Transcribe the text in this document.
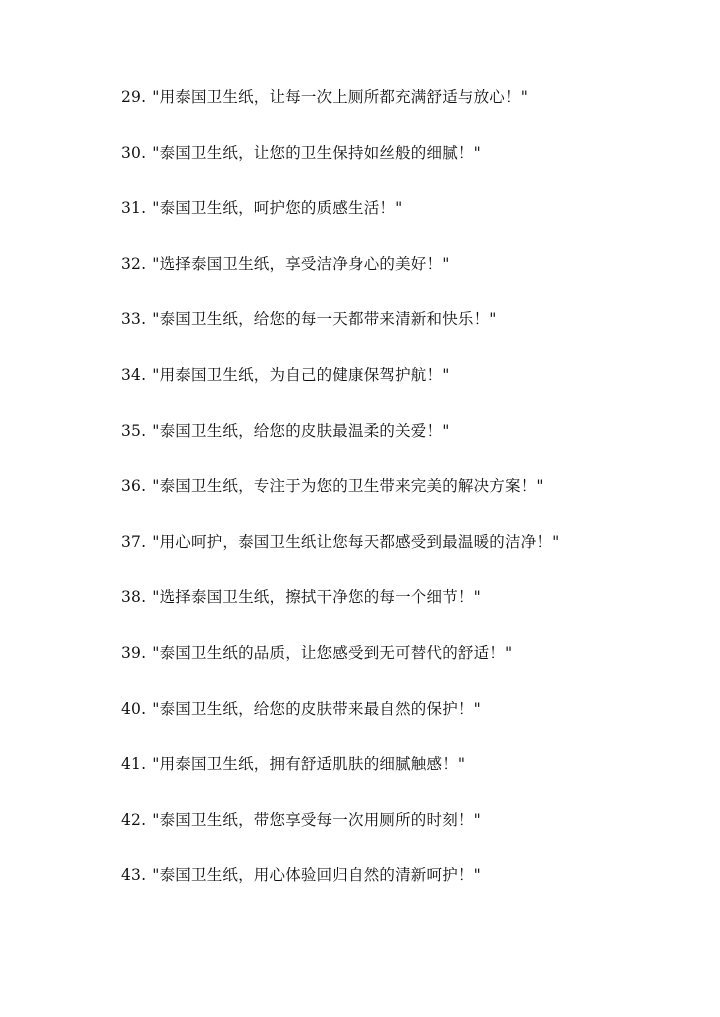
29. "用泰国卫生纸，让每一次上厕所都充满舒适与放心！"
30. "泰国卫生纸，让您的卫生保持如丝般的细腻！"
31. "泰国卫生纸，呵护您的质感生活！"
32. "选择泰国卫生纸，享受洁净身心的美好！"
33. "泰国卫生纸，给您的每一天都带来清新和快乐！"
34. "用泰国卫生纸，为自己的健康保驾护航！"
35. "泰国卫生纸，给您的皮肤最温柔的关爱！"
36. "泰国卫生纸，专注于为您的卫生带来完美的解决方案！"
37. "用心呵护，泰国卫生纸让您每天都感受到最温暖的洁净！"
38. "选择泰国卫生纸，擦拭干净您的每一个细节！"
39. "泰国卫生纸的品质，让您感受到无可替代的舒适！"
40. "泰国卫生纸，给您的皮肤带来最自然的保护！"
41. "用泰国卫生纸，拥有舒适肌肤的细腻触感！"
42. "泰国卫生纸，带您享受每一次用厕所的时刻！"
43. "泰国卫生纸，用心体验回归自然的清新呵护！"
